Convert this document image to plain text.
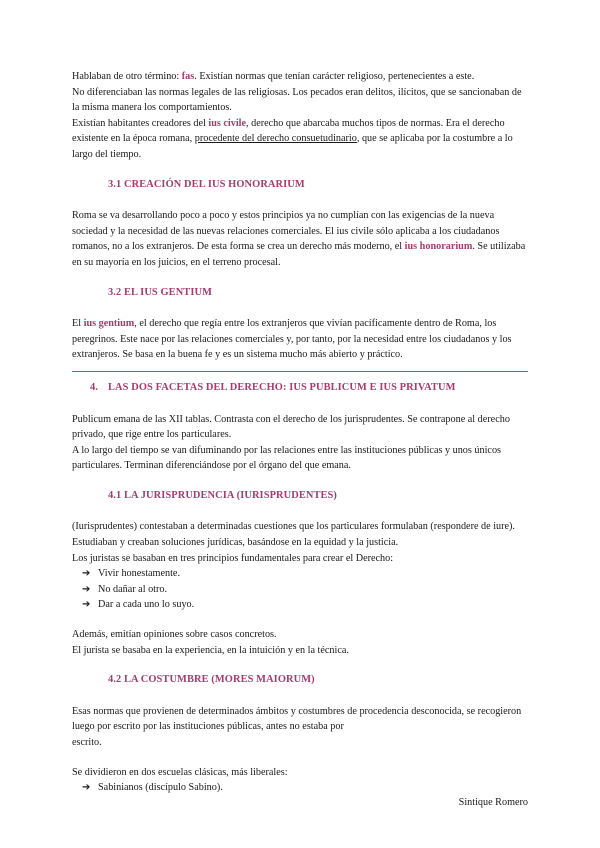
Hablaban de otro término: fas. Existían normas que tenían carácter religioso, pertenecientes a este.

No diferenciaban las normas legales de las religiosas. Los pecados eran delitos, ilícitos, que se sancionaban de la misma manera los comportamientos.

Existían habitantes creadores del ius civile, derecho que abarcaba muchos tipos de normas. Era el derecho existente en la época romana, procedente del derecho consuetudinario, que se aplicaba por la costumbre a lo largo del tiempo.

3.1 CREACIÓN DEL IUS HONORARIUM

Roma se va desarrollando poco a poco y estos principios ya no cumplían con las exigencias de la nueva sociedad y la necesidad de las nuevas relaciones comerciales. El ius civile sólo aplicaba a los ciudadanos romanos, no a los extranjeros. De esta forma se crea un derecho más moderno, el ius honorarium. Se utilizaba en su mayoría en los juicios, en el terreno procesal.

3.2 EL IUS GENTIUM

El ius gentium, el derecho que regía entre los extranjeros que vivían pacíficamente dentro de Roma, los peregrinos. Este nace por las relaciones comerciales y, por tanto, por la necesidad entre los ciudadanos y los extranjeros. Se basa en la buena fe y es un sistema mucho más abierto y práctico.

4. LAS DOS FACETAS DEL DERECHO: IUS PUBLICUM E IUS PRIVATUM

Publicum emana de las XII tablas. Contrasta con el derecho de los jurisprudentes. Se contrapone al derecho privado, que rige entre los particulares.

A lo largo del tiempo se van difuminando por las relaciones entre las instituciones públicas y unos únicos particulares. Terminan diferenciándose por el órgano del que emana.

4.1 LA JURISPRUDENCIA (IURISPRUDENTES)

(Iurisprudentes) contestaban a determinadas cuestiones que los particulares formulaban (respondere de iure). Estudiaban y creaban soluciones jurídicas, basándose en la equidad y la justicia.

Los juristas se basaban en tres principios fundamentales para crear el Derecho:

➔ Vivir honestamente.
➔ No dañar al otro.
➔ Dar a cada uno lo suyo.

Además, emitían opiniones sobre casos concretos.

El jurista se basaba en la experiencia, en la intuición y en la técnica.

4.2 LA COSTUMBRE (MORES MAIORUM)

Esas normas que provienen de determinados ámbitos y costumbres de procedencia desconocida, se recogieron luego por escrito por las instituciones públicas, antes no estaba por

escrito.

Se dividieron en dos escuelas clásicas, más liberales:

➔ Sabinianos (discípulo Sabino).
Sintique Romero
